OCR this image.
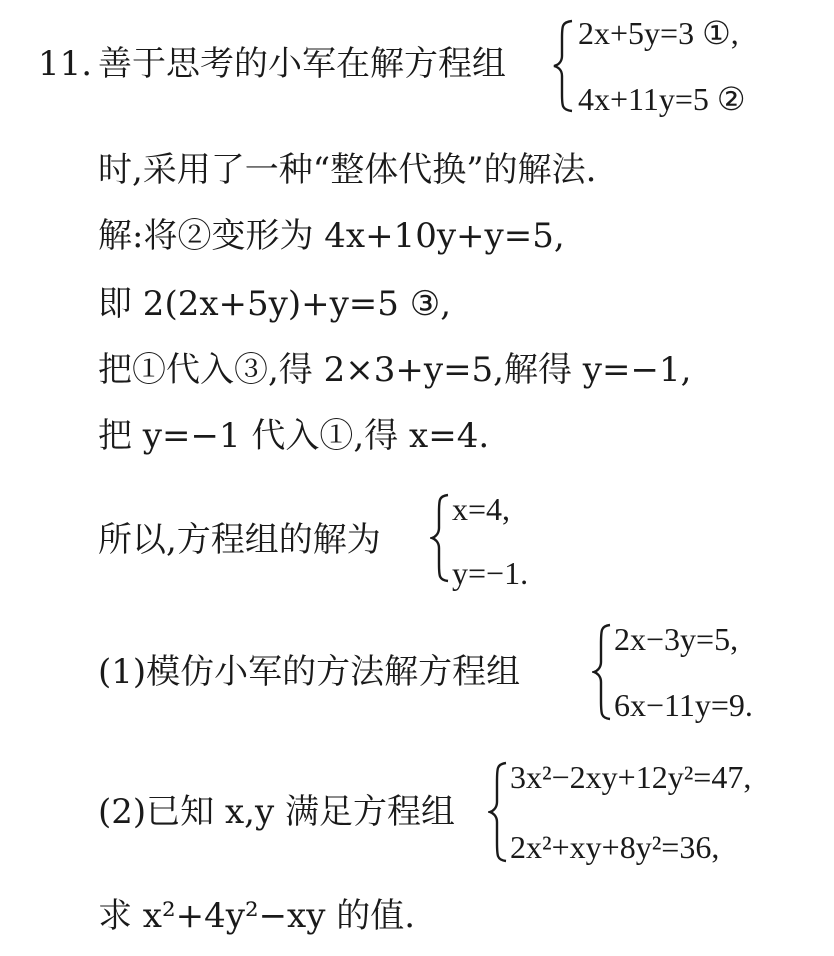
11. 善于思考的小军在解方程组
2x+5y=3 ①,
4x+11y=5 ②
时,采用了一种“整体代换”的解法.
解:将②变形为 4x+10y+y=5,
即 2(2x+5y)+y=5 ③,
把①代入③,得 2×3+y=5,解得 y=−1,
把 y=−1 代入①,得 x=4.
所以,方程组的解为
x=4,
y=−1.
(1)模仿小军的方法解方程组
2x−3y=5,
6x−11y=9.
(2)已知 x,y 满足方程组
3x²−2xy+12y²=47,
2x²+xy+8y²=36,
求 x²+4y²−xy 的值.
